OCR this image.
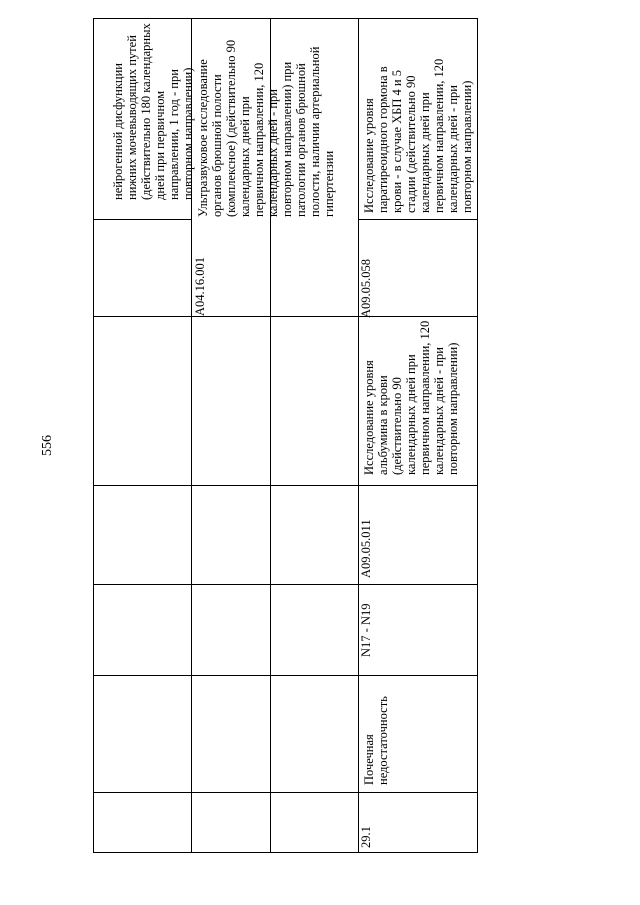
556
нейрогенной дисфункции
нижних мочевыводящих путей
(действительно 180 календарных
дней при первичном
направлении, 1 год - при
повторном направлении)
A04.16.001
Ультразвуковое исследование
органов брюшной полости
(комплексное) (действительно 90
календарных дней при
первичном направлении, 120
календарных дней - при
повторном направлении) при
патологии органов брюшной
полости, наличии артериальной
гипертензии
29.1
Почечная
недостаточность
N17 - N19
A09.05.011
Исследование уровня
альбумина в крови
(действительно 90
календарных дней при
первичном направлении, 120
календарных дней - при
повторном направлении)
A09.05.058
Исследование уровня
паратиреоидного гормона в
крови - в случае ХБП 4 и 5
стадии (действительно 90
календарных дней при
первичном направлении, 120
календарных дней - при
повторном направлении)
